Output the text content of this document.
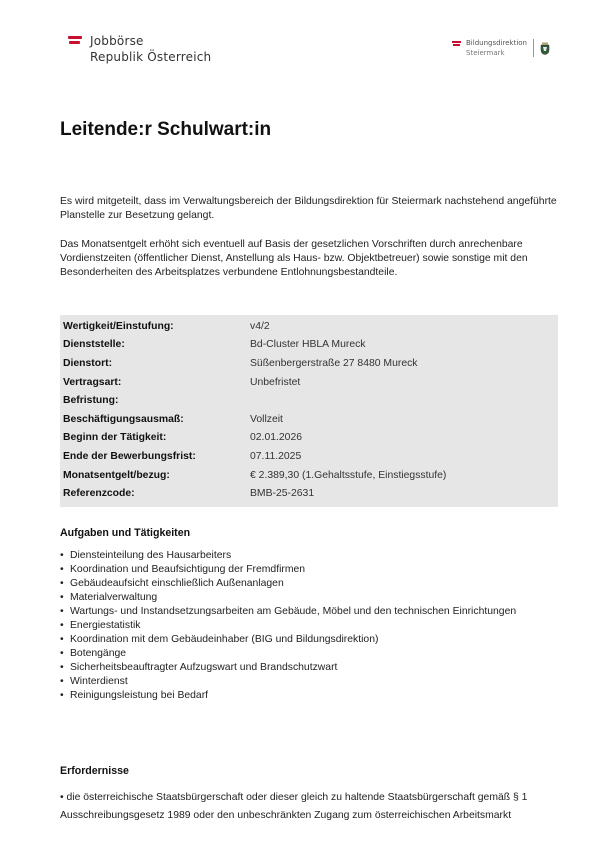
Jobbörse
Republik Österreich
Bildungsdirektion
Steiermark
Leitende:r Schulwart:in
Es wird mitgeteilt, dass im Verwaltungsbereich der Bildungsdirektion für Steiermark nachstehend angeführte Planstelle zur Besetzung gelangt.
Das Monatsentgelt erhöht sich eventuell auf Basis der gesetzlichen Vorschriften durch anrechenbare Vordienstzeiten (öffentlicher Dienst, Anstellung als Haus- bzw. Objektbetreuer) sowie sonstige mit den Besonderheiten des Arbeitsplatzes verbundene Entlohnungsbestandteile.
Wertigkeit/Einstufung:	v4/2
Dienststelle:	Bd-Cluster HBLA Mureck
Dienstort:	Süßenbergerstraße 27 8480 Mureck
Vertragsart:	Unbefristet
Befristung:
Beschäftigungsausmaß:	Vollzeit
Beginn der Tätigkeit:	02.01.2026
Ende der Bewerbungsfrist:	07.11.2025
Monatsentgelt/bezug:	€ 2.389,30 (1.Gehaltsstufe, Einstiegsstufe)
Referenzcode:	BMB-25-2631
Aufgaben und Tätigkeiten
• Diensteinteilung des Hausarbeiters
• Koordination und Beaufsichtigung der Fremdfirmen
• Gebäudeaufsicht einschließlich Außenanlagen
• Materialverwaltung
• Wartungs- und Instandsetzungsarbeiten am Gebäude, Möbel und den technischen Einrichtungen
• Energiestatistik
• Koordination mit dem Gebäudeinhaber (BIG und Bildungsdirektion)
• Botengänge
• Sicherheitsbeauftragter Aufzugswart und Brandschutzwart
• Winterdienst
• Reinigungsleistung bei Bedarf
Erfordernisse
• die österreichische Staatsbürgerschaft oder dieser gleich zu haltende Staatsbürgerschaft gemäß § 1 Ausschreibungsgesetz 1989 oder den unbeschränkten Zugang zum österreichischen Arbeitsmarkt
